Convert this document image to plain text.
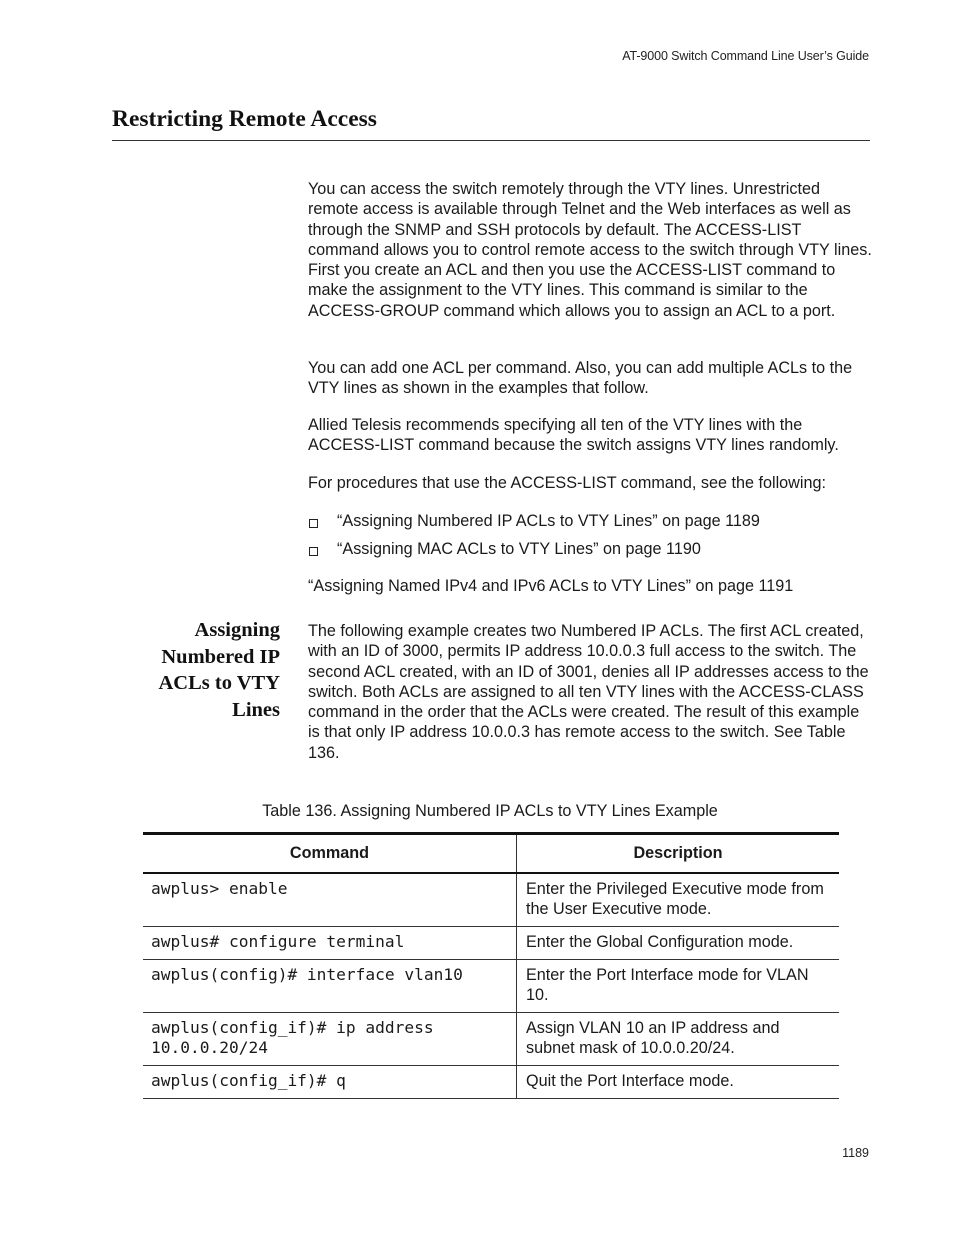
AT-9000 Switch Command Line User’s Guide
Restricting Remote Access

You can access the switch remotely through the VTY lines. Unrestricted remote access is available through Telnet and the Web interfaces as well as through the SNMP and SSH protocols by default. The ACCESS-LIST command allows you to control remote access to the switch through VTY lines. First you create an ACL and then you use the ACCESS-LIST command to make the assignment to the VTY lines. This command is similar to the ACCESS-GROUP command which allows you to assign an ACL to a port.

You can add one ACL per command. Also, you can add multiple ACLs to the VTY lines as shown in the examples that follow.

Allied Telesis recommends specifying all ten of the VTY lines with the ACCESS-LIST command because the switch assigns VTY lines randomly.

For procedures that use the ACCESS-LIST command, see the following:

“Assigning Numbered IP ACLs to VTY Lines” on page 1189
“Assigning MAC ACLs to VTY Lines” on page 1190

“Assigning Named IPv4 and IPv6 ACLs to VTY Lines” on page 1191

Assigning
Numbered IP
ACLs to VTY
Lines

The following example creates two Numbered IP ACLs. The first ACL created, with an ID of 3000, permits IP address 10.0.0.3 full access to the switch. The second ACL created, with an ID of 3001, denies all IP addresses access to the switch. Both ACLs are assigned to all ten VTY lines with the ACCESS-CLASS command in the order that the ACLs were created. The result of this example is that only IP address 10.0.0.3 has remote access to the switch. See Table 136.

Table 136. Assigning Numbered IP ACLs to VTY Lines Example
Command	Description
awplus> enable	Enter the Privileged Executive mode from the User Executive mode.
awplus# configure terminal	Enter the Global Configuration mode.
awplus(config)# interface vlan10	Enter the Port Interface mode for VLAN 10.
awplus(config_if)# ip address 10.0.0.20/24	Assign VLAN 10 an IP address and subnet mask of 10.0.0.20/24.
awplus(config_if)# q	Quit the Port Interface mode.
1189
